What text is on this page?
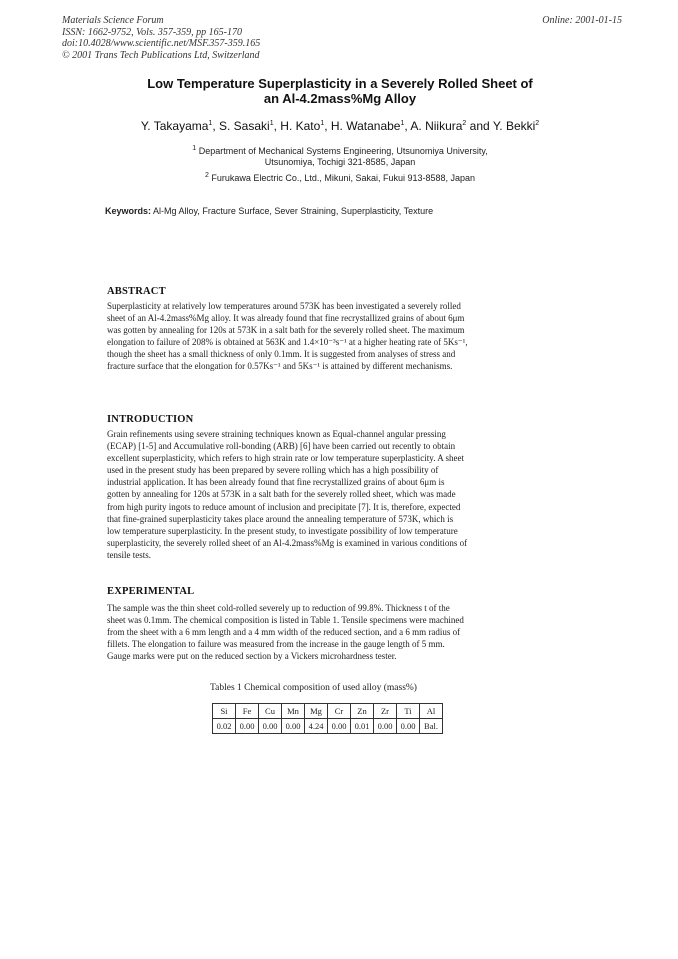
Materials Science Forum
ISSN: 1662-9752, Vols. 357-359, pp 165-170
doi:10.4028/www.scientific.net/MSF.357-359.165
© 2001 Trans Tech Publications Ltd, Switzerland
Online: 2001-01-15
Low Temperature Superplasticity in a Severely Rolled Sheet of
an Al-4.2mass%Mg Alloy
Y. Takayama$^1$, S. Sasaki$^1$, H. Kato$^1$, H. Watanabe$^1$, A. Niikura$^2$ and Y. Bekki$^2$
$^1$ Department of Mechanical Systems Engineering, Utsunomiya University,
Utsunomiya, Tochigi 321-8585, Japan
$^2$ Furukawa Electric Co., Ltd., Mikuni, Sakai, Fukui 913-8588, Japan
Keywords: Al-Mg Alloy, Fracture Surface, Sever Straining, Superplasticity, Texture
ABSTRACT
Superplasticity at relatively low temperatures around 573K has been investigated a severely rolled
sheet of an Al-4.2mass%Mg alloy. It was already found that fine recrystallized grains of about 6μm
was gotten by annealing for 120s at 573K in a salt bath for the severely rolled sheet. The maximum
elongation to failure of 208% is obtained at 563K and 1.4×10⁻³s⁻¹ at a higher heating rate of 5Ks⁻¹,
though the sheet has a small thickness of only 0.1mm. It is suggested from analyses of stress and
fracture surface that the elongation for 0.57Ks⁻¹ and 5Ks⁻¹ is attained by different mechanisms.
INTRODUCTION
Grain refinements using severe straining techniques known as Equal-channel angular pressing
(ECAP) [1-5] and Accumulative roll-bonding (ARB) [6] have been carried out recently to obtain
excellent superplasticity, which refers to high strain rate or low temperature superplasticity. A sheet
used in the present study has been prepared by severe rolling which has a high possibility of
industrial application. It has been already found that fine recrystallized grains of about 6μm is
gotten by annealing for 120s at 573K in a salt bath for the severely rolled sheet, which was made
from high purity ingots to reduce amount of inclusion and precipitate [7]. It is, therefore, expected
that fine-grained superplasticity takes place around the annealing temperature of 573K, which is
low temperature superplasticity. In the present study, to investigate possibility of low temperature
superplasticity, the severely rolled sheet of an Al-4.2mass%Mg is examined in various conditions of
tensile tests.
EXPERIMENTAL
The sample was the thin sheet cold-rolled severely up to reduction of 99.8%. Thickness t of the
sheet was 0.1mm. The chemical composition is listed in Table 1. Tensile specimens were machined
from the sheet with a 6 mm length and a 4 mm width of the reduced section, and a 6 mm radius of
fillets. The elongation to failure was measured from the increase in the gauge length of 5 mm.
Gauge marks were put on the reduced section by a Vickers microhardness tester.
Tables 1 Chemical composition of used alloy (mass%)
Si	Fe	Cu	Mn	Mg	Cr	Zn	Zr	Ti	Al
0.02	0.00	0.00	0.00	4.24	0.00	0.01	0.00	0.00	Bal.
